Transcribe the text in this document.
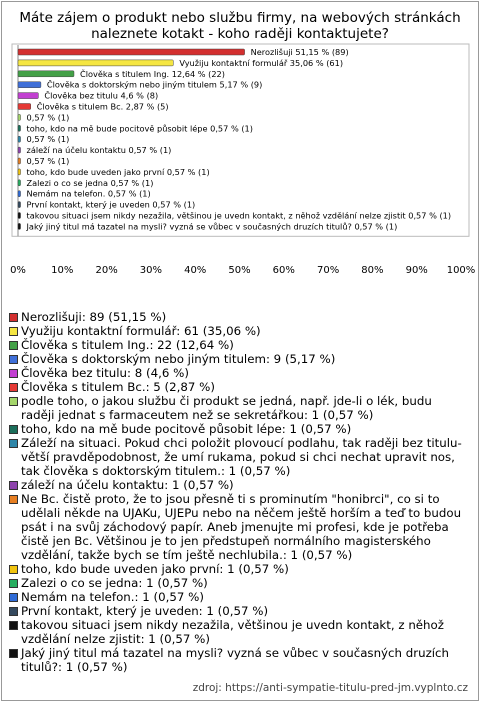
Máte zájem o produkt nebo službu firmy, na webových stránkách naleznete kotakt - koho raději kontaktujete?
Nerozlišuji 51,15 % (89)
Využiju kontaktní formulář 35,06 % (61)
Člověka s titulem Ing. 12,64 % (22)
Člověka s doktorským nebo jiným titulem 5,17 % (9)
Člověka bez titulu 4,6 % (8)
Člověka s titulem Bc. 2,87 % (5)
0,57 % (1)
toho, kdo na mě bude pocitově působit lépe 0,57 % (1)
0,57 % (1)
záleží na účelu kontaktu 0,57 % (1)
0,57 % (1)
toho, kdo bude uveden jako první 0,57 % (1)
Zalezi o co se jedna 0,57 % (1)
Nemám na telefon. 0,57 % (1)
První kontakt, který je uveden 0,57 % (1)
takovou situaci jsem nikdy nezažila, většinou je uvedn kontakt, z něhož vzdělání nelze zjistit 0,57 % (1)
Jaký jiný titul má tazatel na mysli? vyzná se vůbec v současných druzích titulů? 0,57 % (1)
0%	10% 20% 30% 40% 50% 60% 70% 80% 90% 100%
Nerozlišuji: 89 (51,15 %)
Využiju kontaktní formulář: 61 (35,06 %)
Člověka s titulem Ing.: 22 (12,64 %)
Člověka s doktorským nebo jiným titulem: 9 (5,17 %)
Člověka bez titulu: 8 (4,6 %)
Člověka s titulem Bc.: 5 (2,87 %)
podle toho, o jakou službu či produkt se jedná, např. jde-li o lék, budu raději jednat s farmaceutem než se sekretářkou: 1 (0,57 %)
toho, kdo na mě bude pocitově působit lépe: 1 (0,57 %)
Záleží na situaci. Pokud chci položit plovoucí podlahu, tak raději bez titulu-větší pravděpodobnost, že umí rukama, pokud si chci nechat upravit nos, tak člověka s doktorským titulem.: 1 (0,57 %)
záleží na účelu kontaktu: 1 (0,57 %)
Ne Bc. čistě proto, že to jsou přesně ti s prominutím "honibrci", co si to udělali někde na UJAKu, UJEPu nebo na něčem ještě horším a teď to budou psát i na svůj záchodový papír. Aneb jmenujte mi profesi, kde je potřeba čistě jen Bc. Většinou je to jen předstupeň normálního magisterského vzdělání, takže bych se tím ještě nechlubila.: 1 (0,57 %)
toho, kdo bude uveden jako první: 1 (0,57 %)
Zalezi o co se jedna: 1 (0,57 %)
Nemám na telefon.: 1 (0,57 %)
První kontakt, který je uveden: 1 (0,57 %)
takovou situaci jsem nikdy nezažila, většinou je uvedn kontakt, z něhož vzdělání nelze zjistit: 1 (0,57 %)
Jaký jiný titul má tazatel na mysli? vyzná se vůbec v současných druzích titulů?: 1 (0,57 %)
zdroj: https://anti-sympatie-titulu-pred-jm.vyplnto.cz
